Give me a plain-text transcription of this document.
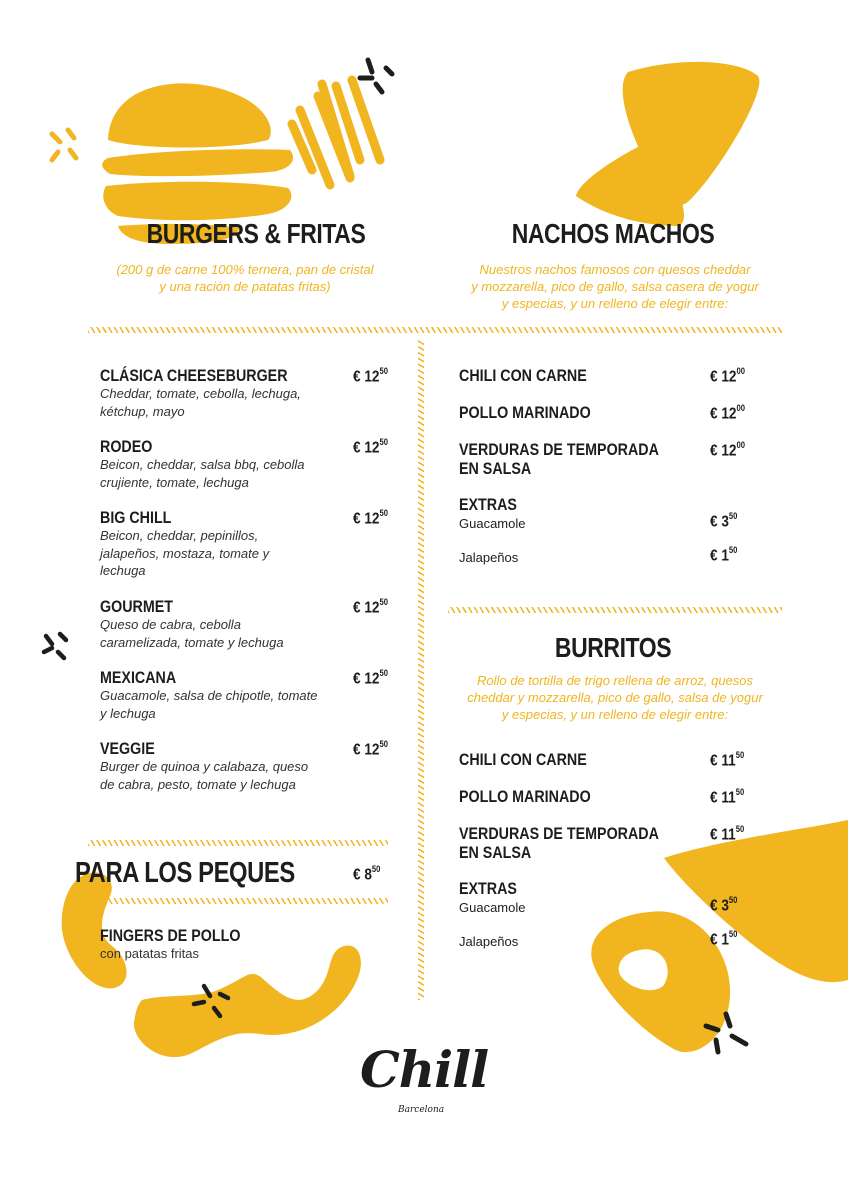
BURGERS & FRITAS
(200 g de carne 100% ternera, pan de cristal
y una ración de patatas fritas)
CLÁSICA CHEESEBURGER
Cheddar, tomate, cebolla, lechuga,
kétchup, mayo
€ $12^{50}$
RODEO
Beicon, cheddar, salsa bbq, cebolla
crujiente, tomate, lechuga
€ $12^{50}$
BIG CHILL
Beicon, cheddar, pepinillos,
jalapeños, mostaza, tomate y
lechuga
€ $12^{50}$
GOURMET
Queso de cabra, cebolla
caramelizada, tomate y lechuga
€ $12^{50}$
MEXICANA
Guacamole, salsa de chipotle, tomate
y lechuga
€ $12^{50}$
VEGGIE
Burger de quinoa y calabaza, queso
de cabra, pesto, tomate y lechuga
€ $12^{50}$
PARA LOS PEQUES	€ $8^{50}$
FINGERS DE POLLO
con patatas fritas
NACHOS MACHOS
Nuestros nachos famosos con quesos cheddar
y mozzarella, pico de gallo, salsa casera de yogur
y especias, y un relleno de elegir entre:
CHILI CON CARNE	€ $12^{00}$
POLLO MARINADO	€ $12^{00}$
VERDURAS DE TEMPORADA
EN SALSA
€ $12^{00}$
EXTRAS
Guacamole	€ $3^{50}$
Jalapeños	€ $1^{50}$
BURRITOS
Rollo de tortilla de trigo rellena de arroz, quesos
cheddar y mozzarella, pico de gallo, salsa de yogur
y especias, y un relleno de elegir entre:
CHILI CON CARNE	€ $11^{50}$
POLLO MARINADO	€ $11^{50}$
VERDURAS DE TEMPORADA
EN SALSA
€ $11^{50}$
EXTRAS
Guacamole	€ $3^{50}$
Jalapeños	€ $1^{50}$
Chill
Barcelona
